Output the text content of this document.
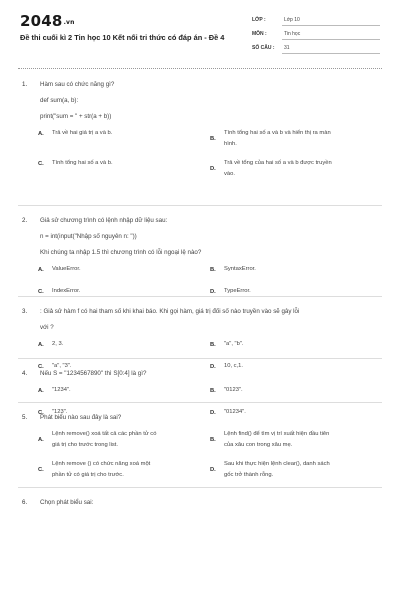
2048.vn
Đề thi cuối kì 2 Tin học 10 Kết nối tri thức có đáp án - Đề 4
LỚP :	Lớp 10
MÔN :	Tin học
SỐ CÂU : 31
1. Hàm sau có chức năng gì?
def sum(a, b):
print("sum = " + str(a + b))
A. Trả về hai giá trị a và b.
B.
Tính tổng hai số a và b và hiển thị ra màn
hình.
C. Tính tổng hai số a và b.
D.
Trả về tổng của hai số a và b được truyền
vào.
2. Giả sử chương trình có lệnh nhập dữ liệu sau:
n = int(input("Nhập số nguyên n: "))
Khi chúng ta nhập 1.5 thì chương trình có lỗi ngoại lệ nào?
A. ValueError.	B. SyntaxError.
C. IndexError.	D. TypeError.
3. : Giả sử hàm f có hai tham số khi khai báo. Khi gọi hàm, giá trị đối số nào truyền vào sẽ gây lỗi
với ?
A. 2, 3.	B. "a", "b".
C. "a", "3".	D. 10, c,1.
4. Nếu S = "1234567890" thì S[0:4] là gì?
A. "1234".	B. "0123".
C. "123".	D. "01234".
5. Phát biểu nào sau đây là sai?
A.
Lệnh remove() xoá tất cả các phần tử có
giá trị cho trước trong list.
B.
Lệnh find() để tìm vị trí xuất hiện đầu tiên
của xâu con trong xâu mẹ.
C.
Lệnh remove () có chức năng xoá một
phần tử có giá trị cho trước.
D.
Sau khi thực hiện lệnh clear(), danh sách
gốc trở thành rỗng.
6. Chọn phát biểu sai:
